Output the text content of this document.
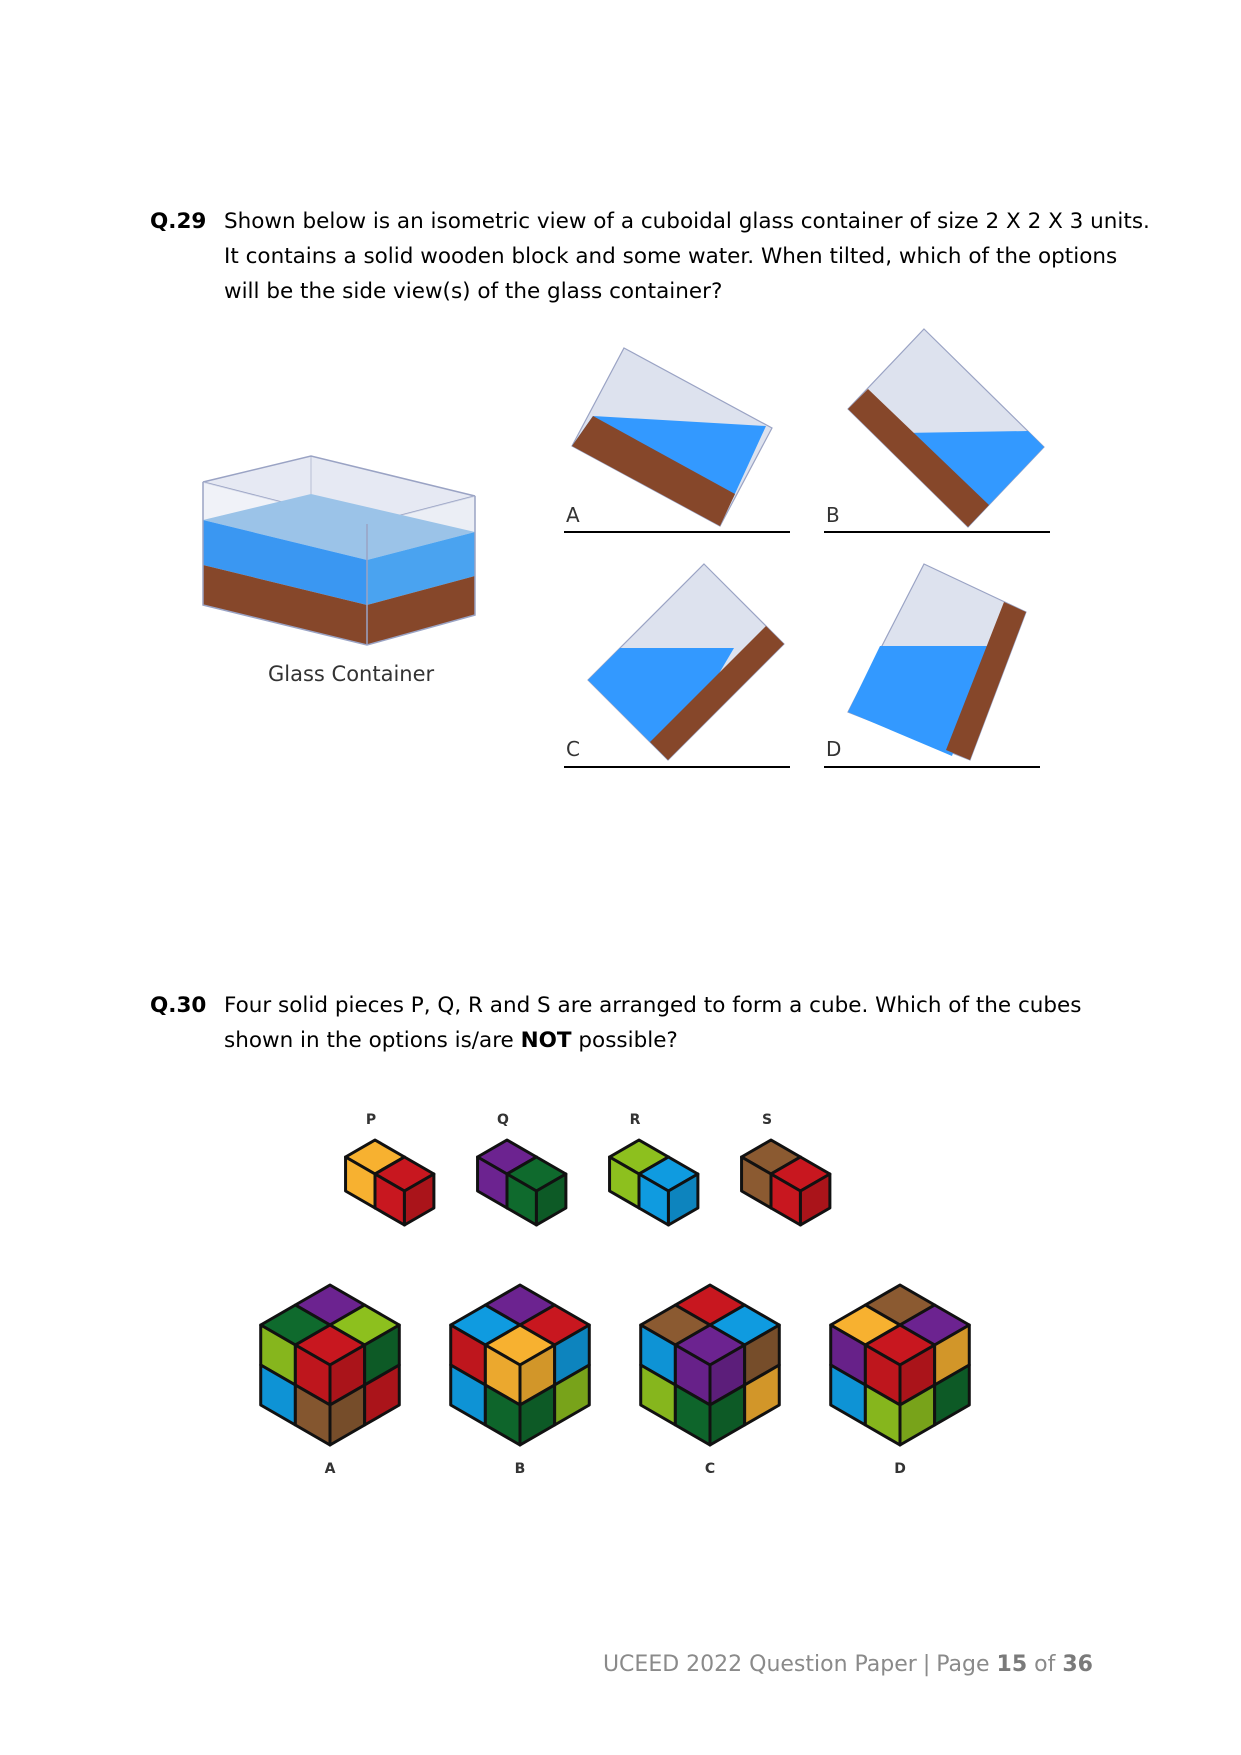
Q.29 Shown below is an isometric view of a cuboidal glass container of size 2 X 2 X 3 units.
It contains a solid wooden block and some water. When tilted, which of the options
will be the side view(s) of the glass container?
Glass Container
A	B
C	D
Q.30 Four solid pieces P, Q, R and S are arranged to form a cube. Which of the cubes
shown in the options is/are NOT possible?
P	Q	R	S
A	B	C	D
UCEED 2022 Question Paper | Page 15 of 36
